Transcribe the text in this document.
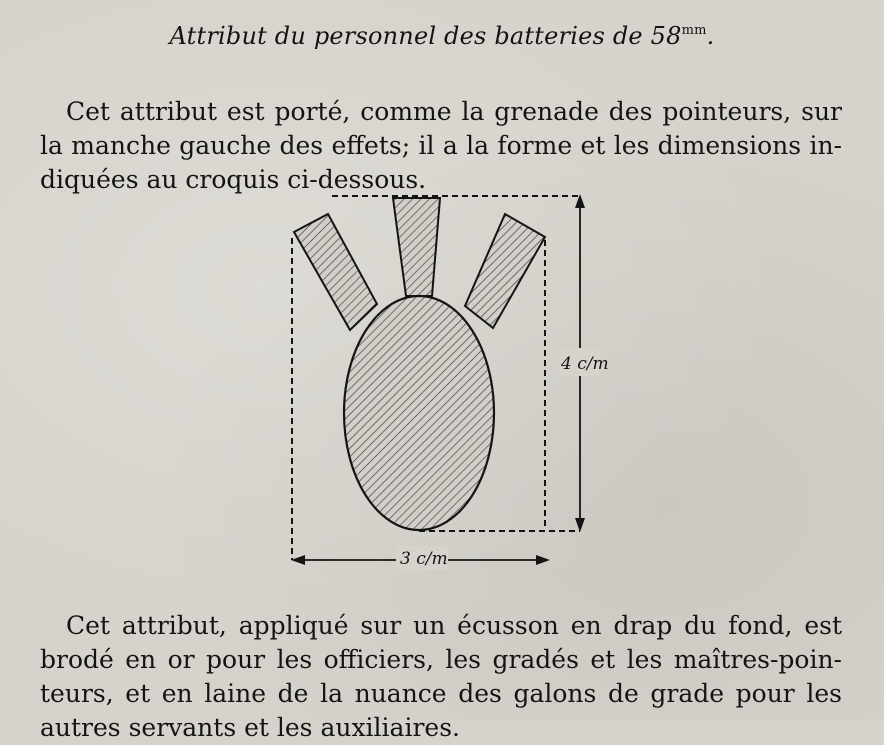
Attribut du personnel des batteries de $58^{mm}$.

Cet attribut est porté, comme la grenade des pointeurs, sur la manche gauche des effets; il a la forme et les dimensions indiquées au croquis ci-dessous.

4 c/m
3 c/m

Cet attribut, appliqué sur un écusson en drap du fond, est brodé en or pour les officiers, les gradés et les maîtres-pointeurs, et en laine de la nuance des galons de grade pour les autres servants et les auxiliaires.
